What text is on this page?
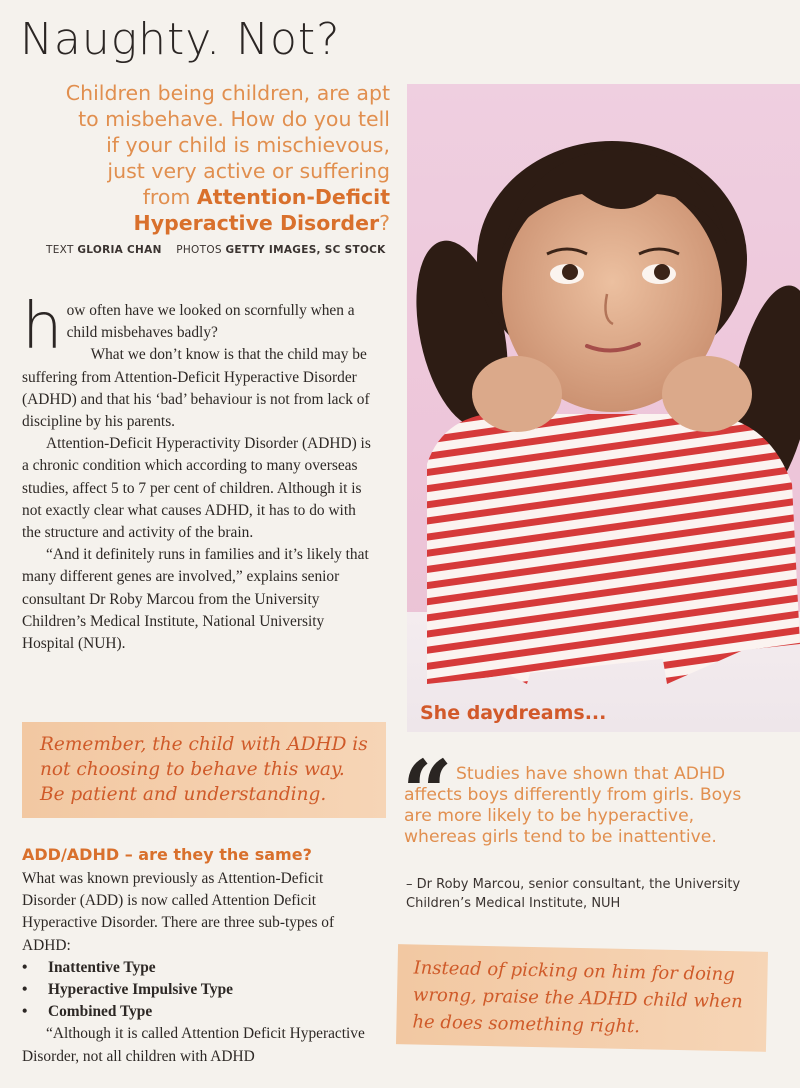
Naughty. Not?
Children being children, are apt
to misbehave. How do you tell
if your child is mischievous,
just very active or suffering
from Attention-Deficit
Hyperactive Disorder?
TEXT GLORIA CHAN PHOTOS GETTY IMAGES, SC STOCK
She daydreams...

how often have we looked on scornfully when a child misbehaves badly?

What we don’t know is that the child may be suffering from Attention-Deficit Hyperactive Disorder (ADHD) and that his ‘bad’ behaviour is not from lack of discipline by his parents.

Attention-Deficit Hyperactivity Disorder (ADHD) is a chronic condition which according to many overseas studies, affect 5 to 7 per cent of children. Although it is not exactly clear what causes ADHD, it has to do with the structure and activity of the brain.

“And it definitely runs in families and it’s likely that many different genes are involved,” explains senior consultant Dr Roby Marcou from the University Children’s Medical Institute, National University Hospital (NUH).

Remember, the child with ADHD is not choosing to behave this way. Be patient and understanding.
ADD/ADHD – are they the same?

What was known previously as Attention-Deficit Disorder (ADD) is now called Attention Deficit Hyperactive Disorder. There are three sub-types of ADHD:

• Inattentive Type
• Hyperactive Impulsive Type
• Combined Type

“Although it is called Attention Deficit Hyperactive Disorder, not all children with ADHD

“ Studies have shown that ADHD affects boys differently from girls. Boys are more likely to be hyperactive, whereas girls tend to be inattentive.
– Dr Roby Marcou, senior consultant, the University Children’s Medical Institute, NUH
Instead of picking on him for doing wrong, praise the ADHD child when he does something right.
